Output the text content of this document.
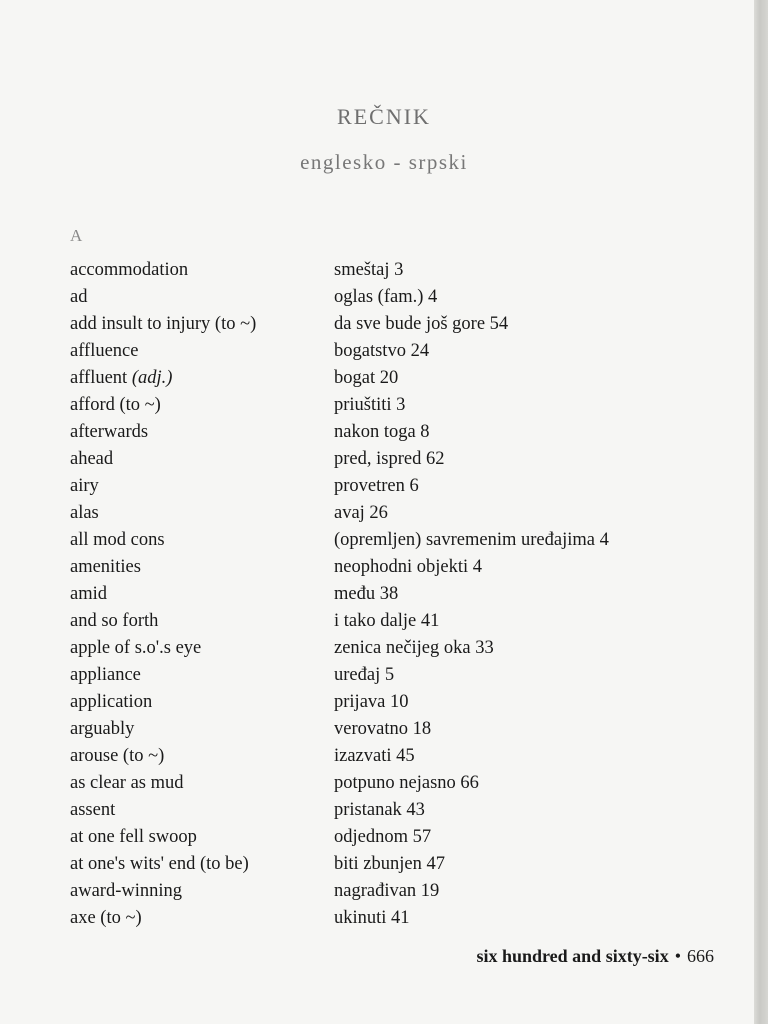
REČNIK
englesko - srpski
A
accommodation	smeštaj 3
ad	oglas (fam.) 4
add insult to injury (to ~)	da sve bude još gore 54
affluence	bogatstvo 24
affluent (adj.)	bogat 20
afford (to ~)	priuštiti 3
afterwards	nakon toga 8
ahead	pred, ispred 62
airy	provetren 6
alas	avaj 26
all mod cons	(opremljen) savremenim uređajima 4
amenities	neophodni objekti 4
amid	među 38
and so forth	i tako dalje 41
apple of s.o'.s eye	zenica nečijeg oka 33
appliance	uređaj 5
application	prijava 10
arguably	verovatno 18
arouse (to ~)	izazvati 45
as clear as mud	potpuno nejasno 66
assent	pristanak 43
at one fell swoop	odjednom 57
at one's wits' end (to be)	biti zbunjen 47
award-winning	nagrađivan 19
axe (to ~)	ukinuti 41
six hundred and sixty-six • 666
